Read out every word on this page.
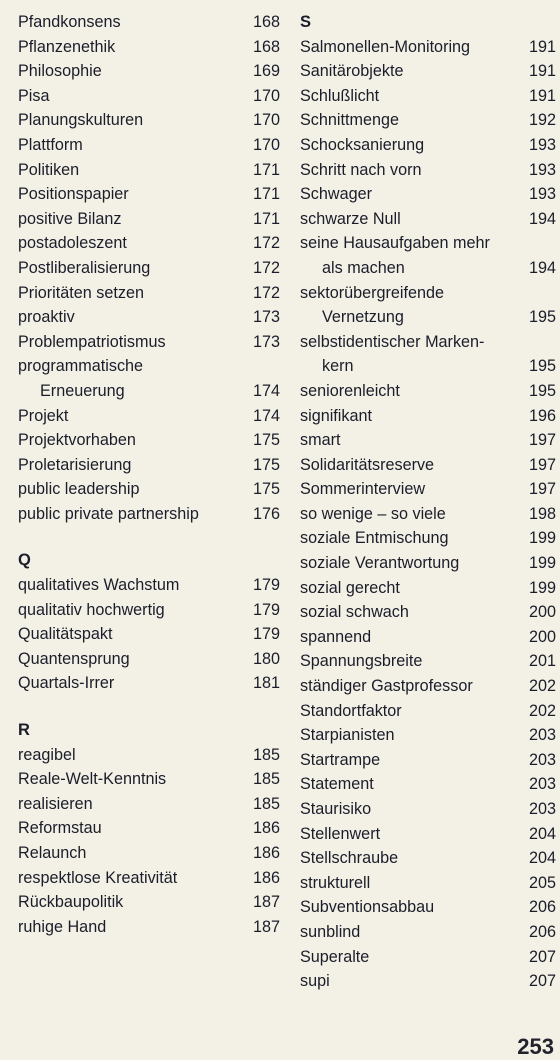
Pfandkonsens	168
Pflanzenethik	168
Philosophie	169
Pisa	170
Planungskulturen	170
Plattform	170
Politiken	171
Positionspapier	171
positive Bilanz	171
postadoleszent	172
Postliberalisierung	172
Prioritäten setzen	172
proaktiv	173
Problempatriotismus	173
programmatische
Erneuerung	174
Projekt	174
Projektvorhaben	175
Proletarisierung	175
public leadership	175
public private partnership	176
Q
qualitatives Wachstum	179
qualitativ hochwertig	179
Qualitätspakt	179
Quantensprung	180
Quartals-Irrer	181
R
reagibel	185
Reale-Welt-Kenntnis	185
realisieren	185
Reformstau	186
Relaunch	186
respektlose Kreativität	186
Rückbaupolitik	187
ruhige Hand	187
S
Salmonellen-Monitoring	191
Sanitärobjekte	191
Schlußlicht	191
Schnittmenge	192
Schocksanierung	193
Schritt nach vorn	193
Schwager	193
schwarze Null	194
seine Hausaufgaben mehr
als machen	194
sektorübergreifende
Vernetzung	195
selbstidentischer Marken-
kern	195
seniorenleicht	195
signifikant	196
smart	197
Solidaritätsreserve	197
Sommerinterview	197
so wenige – so viele	198
soziale Entmischung	199
soziale Verantwortung	199
sozial gerecht	199
sozial schwach	200
spannend	200
Spannungsbreite	201
ständiger Gastprofessor	202
Standortfaktor	202
Starpianisten	203
Startrampe	203
Statement	203
Staurisiko	203
Stellenwert	204
Stellschraube	204
strukturell	205
Subventionsabbau	206
sunblind	206
Superalte	207
supi	207
253
